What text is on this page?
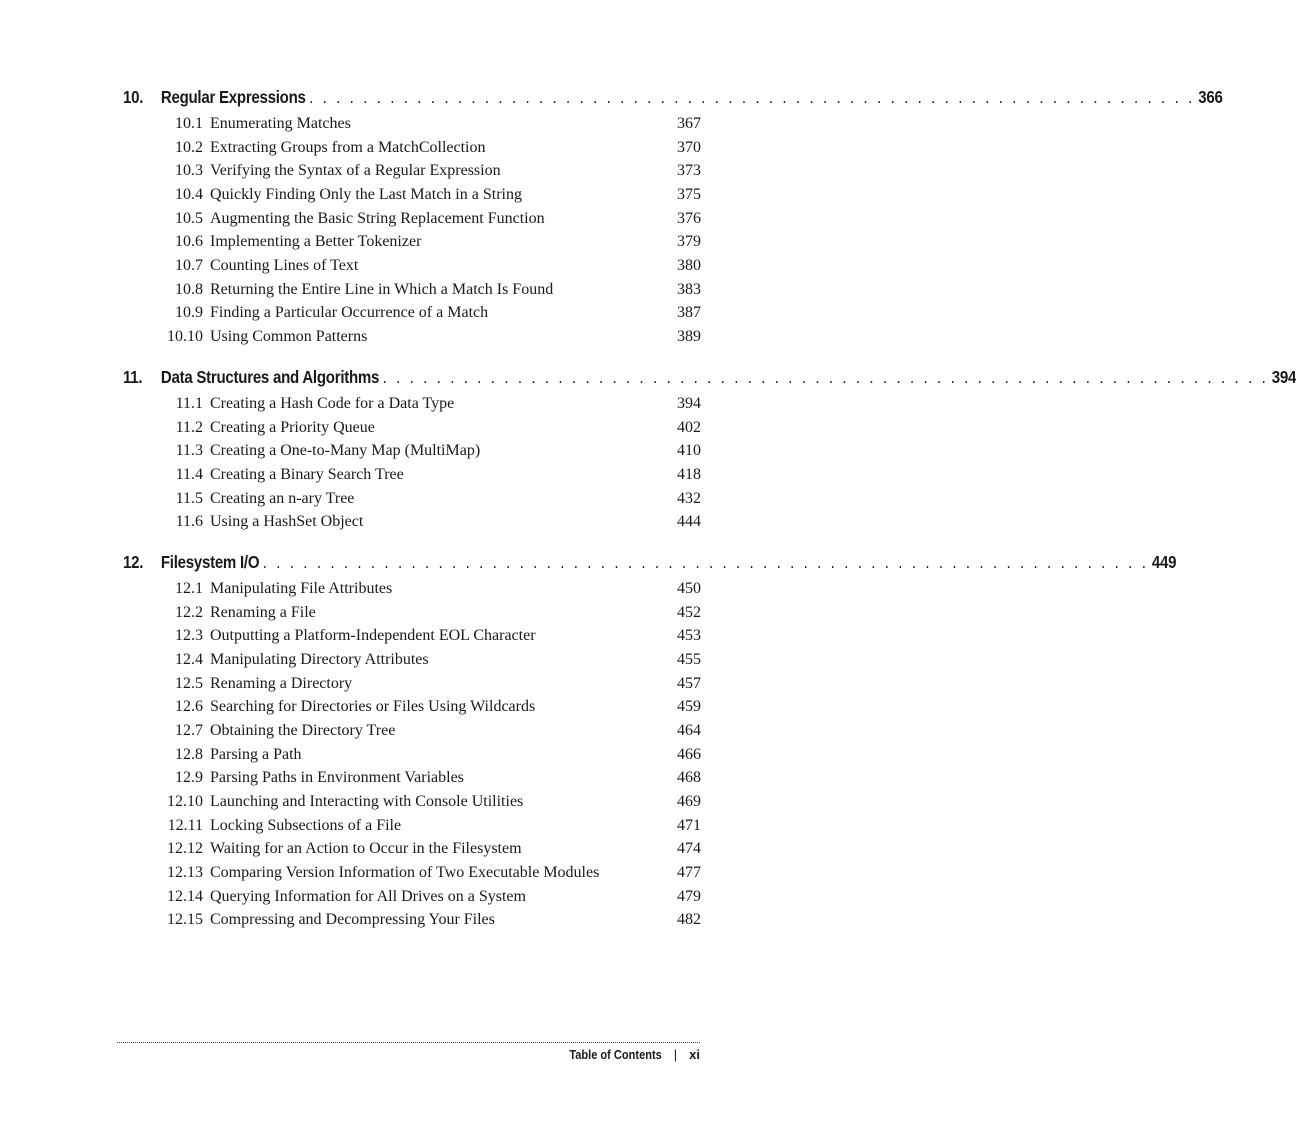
10.	Regular Expressions . . . . . . . . . . . . . . . . . . . . . . . . . . . . . . . . . . . . . . . . . . . . . . . . . . . . . . . . . . . . . . . . . . 366
10.1 Enumerating Matches	367
10.2 Extracting Groups from a MatchCollection	370
10.3 Verifying the Syntax of a Regular Expression	373
10.4 Quickly Finding Only the Last Match in a String	375
10.5 Augmenting the Basic String Replacement Function	376
10.6 Implementing a Better Tokenizer	379
10.7 Counting Lines of Text	380
10.8 Returning the Entire Line in Which a Match Is Found	383
10.9 Finding a Particular Occurrence of a Match	387
10.10 Using Common Patterns	389
11.	Data Structures and Algorithms . . . . . . . . . . . . . . . . . . . . . . . . . . . . . . . . . . . . . . . . . . . . . . . . . . . . . . . . . . . . . . . . . . 394
11.1 Creating a Hash Code for a Data Type	394
11.2 Creating a Priority Queue	402
11.3 Creating a One-to-Many Map (MultiMap)	410
11.4 Creating a Binary Search Tree	418
11.5 Creating an n-ary Tree	432
11.6 Using a HashSet Object	444
12.	Filesystem I/O . . . . . . . . . . . . . . . . . . . . . . . . . . . . . . . . . . . . . . . . . . . . . . . . . . . . . . . . . . . . . . . . . . 449
12.1 Manipulating File Attributes	450
12.2 Renaming a File	452
12.3 Outputting a Platform-Independent EOL Character	453
12.4 Manipulating Directory Attributes	455
12.5 Renaming a Directory	457
12.6 Searching for Directories or Files Using Wildcards	459
12.7 Obtaining the Directory Tree	464
12.8 Parsing a Path	466
12.9 Parsing Paths in Environment Variables	468
12.10 Launching and Interacting with Console Utilities	469
12.11 Locking Subsections of a File	471
12.12 Waiting for an Action to Occur in the Filesystem	474
12.13 Comparing Version Information of Two Executable Modules	477
12.14 Querying Information for All Drives on a System	479
12.15 Compressing and Decompressing Your Files	482
Table of Contents | xi
